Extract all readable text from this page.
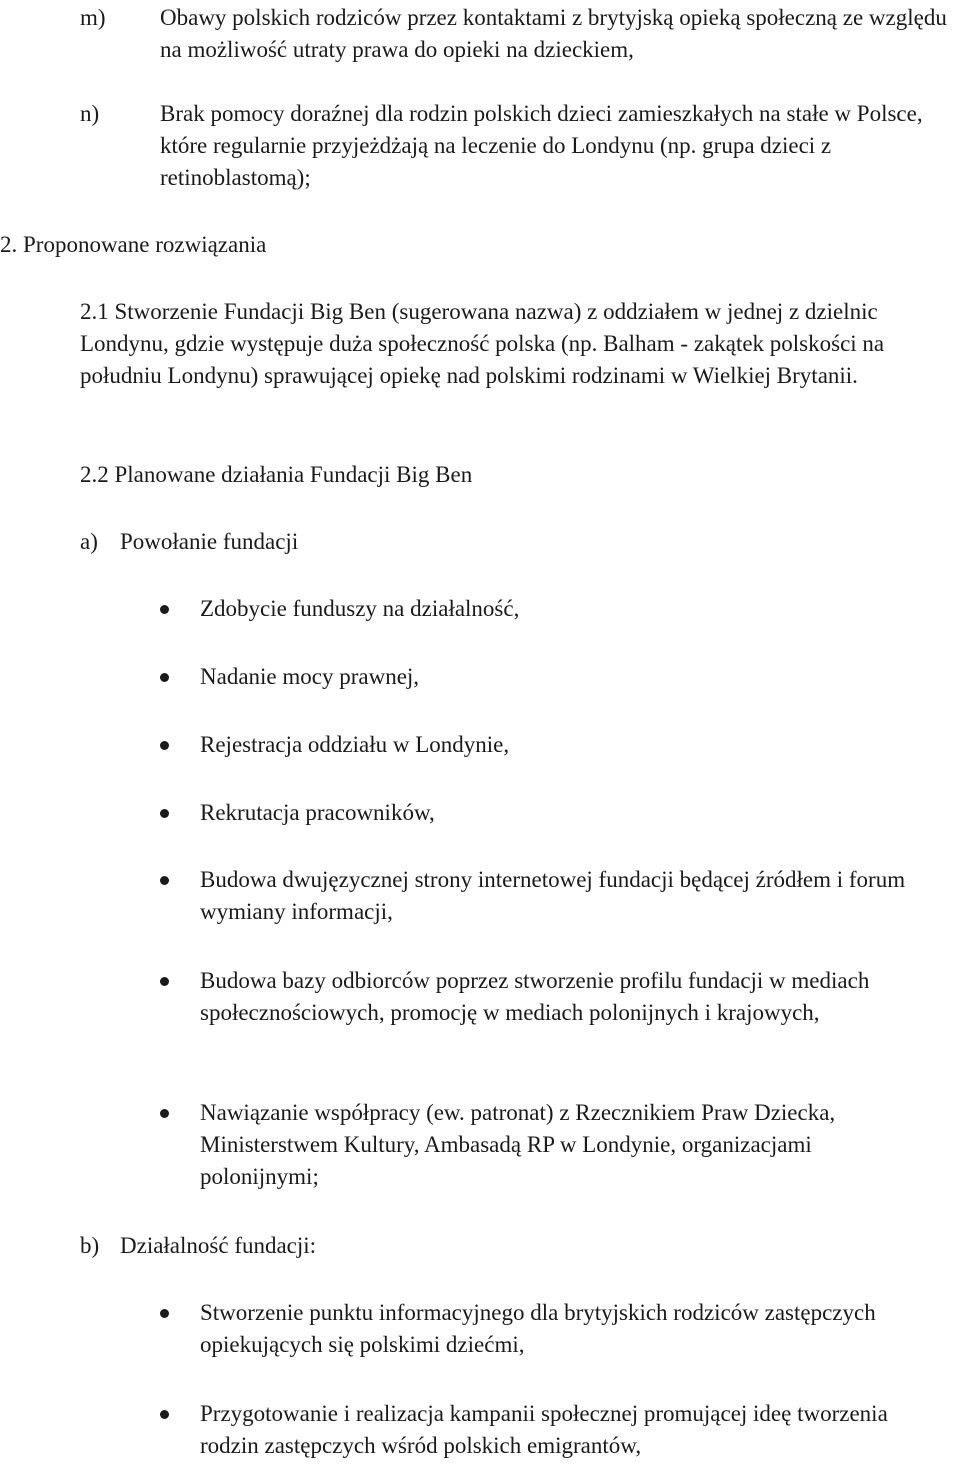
m) Obawy polskich rodziców przez kontaktami z brytyjską opieką społeczną ze względu na możliwość utraty prawa do opieki na dzieckiem,
n)	Brak pomocy doraźnej dla rodzin polskich dzieci zamieszkałych na stałe w Polsce, które regularnie przyjeżdżają na leczenie do Londynu (np. grupa dzieci z retinoblastomą);
2. Proponowane rozwiązania
2.1 Stworzenie Fundacji Big Ben (sugerowana nazwa) z oddziałem w jednej z dzielnic Londynu, gdzie występuje duża społeczność polska (np. Balham - zakątek polskości na południu Londynu) sprawującej opiekę nad polskimi rodzinami w Wielkiej Brytanii.
2.2 Planowane działania Fundacji Big Ben
a) Powołanie fundacji
Zdobycie funduszy na działalność,
Nadanie mocy prawnej,
Rejestracja oddziału w Londynie,
Rekrutacja pracowników,
Budowa dwujęzycznej strony internetowej fundacji będącej źródłem i forum wymiany informacji,
Budowa bazy odbiorców poprzez stworzenie profilu fundacji w mediach społecznościowych, promocję w mediach polonijnych i krajowych,
Nawiązanie współpracy (ew. patronat) z Rzecznikiem Praw Dziecka, Ministerstwem Kultury, Ambasadą RP w Londynie, organizacjami polonijnymi;
b) Działalność fundacji:
Stworzenie punktu informacyjnego dla brytyjskich rodziców zastępczych opiekujących się polskimi dziećmi,
Przygotowanie i realizacja kampanii społecznej promującej ideę tworzenia rodzin zastępczych wśród polskich emigrantów,
